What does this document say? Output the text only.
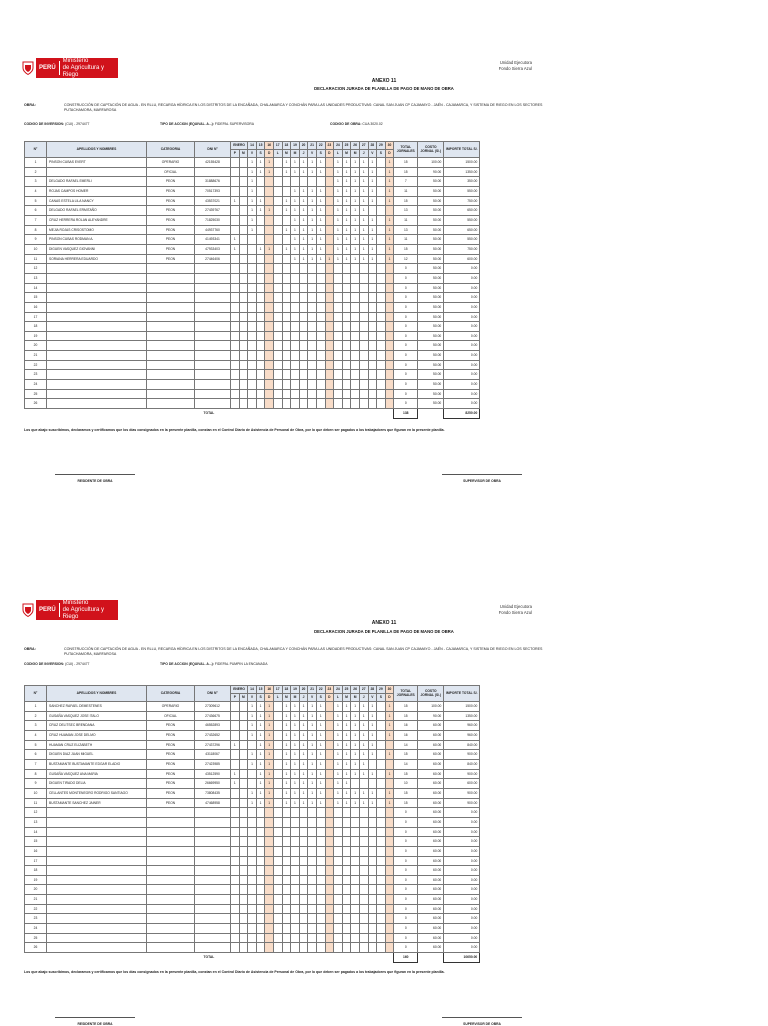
PERÚ
Ministerio
de Agricultura y Riego
Unidad Ejecutora
Fondo Sierra Azul
ANEXO 11
DECLARACION JURADA DE PLANILLA DE PAGO DE MANO DE OBRA
OBRA:	CONSTRUCCIÓN DE CAPTACIÓN DE AGUA - EN RLLU, RECARGA HÍDRICA EN LOS DISTRITOS DE LA ENCAÑADA, CHALAMARCA Y CONCHÁN PARA LAS UNIDADES PRODUCTIVAS: CANAL SAN JUAN CP CAJAMAYO - JAÉN - CAJAMARCA, Y SISTEMA DE RIEGO EN LOS SECTORES PUTACHAMORA, MARFAROSA
CODIGO DE INVERSION: (CUI) - 2974477	TIPO DE ACCION (EQUIVAL. A...): FIDEPAL SUPERVISORA	CODIGO DE OBRA: CUA 3020.02
N°	APELLIDOS Y NOMBRES	CATEGORIA	DNI N°	ENERO		14	15	16	17	18	19	20	21	22	23	24	25	26	27	28	29	30	TOTAL JORNALES	COSTO JORNAL (S/.)	IMPORTE TOTAL S/.
				P	M	V	S	D	L	M	M	J	V	S	D	L	M	M	J	V	S	D			
1	PINSON CUBAS EVERT	OPERARIO	42155428			1	1	1		1	1	1	1	1		1	1	1	1	1		1	15	100.00	1500.00
2		OFICIAL				1	1	1		1	1	1	1	1		1	1	1	1	1		1	15	90.00	1350.00
3	DELGADO RAFAEL EMERLI	PEON	31888676			1										1	1	1	1	1		1	7	50.00	350.00
4	ROJAS CAMPOS HOMER	PEON	70517393			1					1	1	1	1		1	1	1	1	1		1	11	50.00	550.00
5	CANAS ESTELA LILA NANCY	PEON	43537021	1		1	1			1	1	1	1	1		1	1	1	1	1		1	15	50.00	750.00
6	DELGADO RAFAEL ERMITAÑO	PEON	27439767			1	1	1		1	1	1	1	1		1	1	1	1				13	50.00	650.00
7	CRUZ HERRERA ROLAN ALEYANDRE	PEON	71825030			1					1	1	1	1		1	1	1	1	1		1	11	50.00	550.00
8	MEJIA ROJAS CRISOSTOMO	PEON	44937760			1				1	1	1	1	1		1	1	1	1	1		1	13	50.00	650.00
9	PINSON CUBAS RODMAN A.	PEON	41493341	1							1	1	1	1		1	1	1	1	1		1	11	50.00	550.00
10	DIGUEN VASQUEZ GIOVANNI	PEON	47933403	1			1	1		1	1	1	1	1		1	1	1	1	1		1	15	50.00	750.00
11	SORIANA HERRERA EDUARDO	PEON	27446406								1	1	1	1	1	1	1	1	1	1		1	12	50.00	600.00
12																							0	50.00	0.00
13																							0	50.00	0.00
14																							0	50.00	0.00
15																							0	50.00	0.00
16																							0	50.00	0.00
17																							0	50.00	0.00
18																							0	50.00	0.00
19																							0	50.00	0.00
20																							0	50.00	0.00
21																							0	50.00	0.00
22																							0	50.00	0.00
23																							0	50.00	0.00
24																							0	50.00	0.00
25																							0	50.00	0.00
26																							0	50.00	0.00
TOTAL																							138		8250.00
Los que abajo suscribimos, declaramos y certificamos que los días consignados en la presente planilla, constan en el Control Diario de Asistencia de Personal de Obra, por lo que deben ser pagados a los trabajadores que figuran en la presente planilla.
RESIDENTE DE OBRA	SUPERVISOR DE OBRA
PERÚ
Ministerio
de Agricultura y Riego
Unidad Ejecutora
Fondo Sierra Azul
ANEXO 11
DECLARACION JURADA DE PLANILLA DE PAGO DE MANO DE OBRA
OBRA:	CONSTRUCCIÓN DE CAPTACIÓN DE AGUA - EN RLLU, RECARGA HÍDRICA EN LOS DISTRITOS DE LA ENCAÑADA, CHALAMARCA Y CONCHÁN PARA LAS UNIDADES PRODUCTIVAS: CANAL SAN JUAN CP CAJAMAYO - JAÉN - CAJAMARCA, Y SISTEMA DE RIEGO EN LOS SECTORES PUTACHAMORA, MARFAROSA
CODIGO DE INVERSION: (CUI) - 2974477	TIPO DE ACCION (EQUIVAL. A...): FIDEPAL PUMPIN LA ENCANADA
N°	APELLIDOS Y NOMBRES	CATEGORIA	DNI N°	ENERO		14	15	16	17	18	19	20	21	22	23	24	25	26	27	28	29	30	TOTAL JORNALES	COSTO JORNAL (S/.)	IMPORTE TOTAL S/.
				P	M	V	S	D	L	M	M	J	V	S	D	L	M	M	J	V	S	D			
1	SANCHEZ RAFAEL DEMESTENES	OPERARIO	27309612			1	1	1		1	1	1	1	1		1	1	1	1	1		1	15	100.00	1500.00
2	GUSAÑA VASQUEZ JOSE ITALO	OFICIAL	27436675			1	1	1		1	1	1	1	1		1	1	1	1	1		1	15	90.00	1350.00
3	CRUZ DELITSEC BRENDANA	PEON	46552893			1	1	1		1	1	1	1	1		1	1	1	1	1		1	16	60.00	960.00
4	CRUZ HUAMAN JOSE DELMO	PEON	27432652			1	1	1		1	1	1	1	1		1	1	1	1	1		1	16	60.00	960.00
5	HUAMAN CRUZ ELIZABETH	PEON	27437296	1			1	1		1	1	1	1	1		1	1	1	1	1			14	60.00	840.00
6	DIGUEN DIAZ JUAN MIGUEL	PEON	43118067			1	1	1		1	1	1	1	1		1	1	1	1	1		1	15	60.00	900.00
7	BUSTAMANTE BUSTAMANTE EDGAR ELADIO	PEON	27423985			1	1	1		1	1	1	1	1		1	1	1	1				14	60.00	840.00
8	GUSAÑA VASQUEZ ANA MARIA	PEON	43512590	1			1	1		1	1	1	1	1		1	1	1	1	1		1	15	60.00	900.00
9	DIGUEN TIRADO DELIA	PEON	26669950	1			1	1		1	1	1	1	1		1	1						10	60.00	600.00
10	CELLANTES MONTENEGRO RODRIGO SANTIAGO	PEON	73808435			1	1	1		1	1	1	1	1		1	1	1	1	1		1	15	60.00	900.00
11	BUSTAMANTE SANCHEZ JAINER	PEON	47468958			1	1	1		1	1	1	1	1		1	1	1	1	1		1	15	60.00	900.00
12																							0	60.00	0.00
13																							0	60.00	0.00
14																							0	60.00	0.00
15																							0	60.00	0.00
16																							0	60.00	0.00
17																							0	60.00	0.00
18																							0	60.00	0.00
19																							0	60.00	0.00
20																							0	60.00	0.00
21																							0	60.00	0.00
22																							0	60.00	0.00
23																							0	60.00	0.00
24																							0	60.00	0.00
25																							0	60.00	0.00
26																							0	60.00	0.00
TOTAL																							160		10650.00
Los que abajo suscribimos, declaramos y certificamos que los días consignados en la presente planilla, constan en el Control Diario de Asistencia de Personal de Obra, por lo que deben ser pagados a los trabajadores que figuran en la presente planilla.
RESIDENTE DE OBRA	SUPERVISOR DE OBRA
